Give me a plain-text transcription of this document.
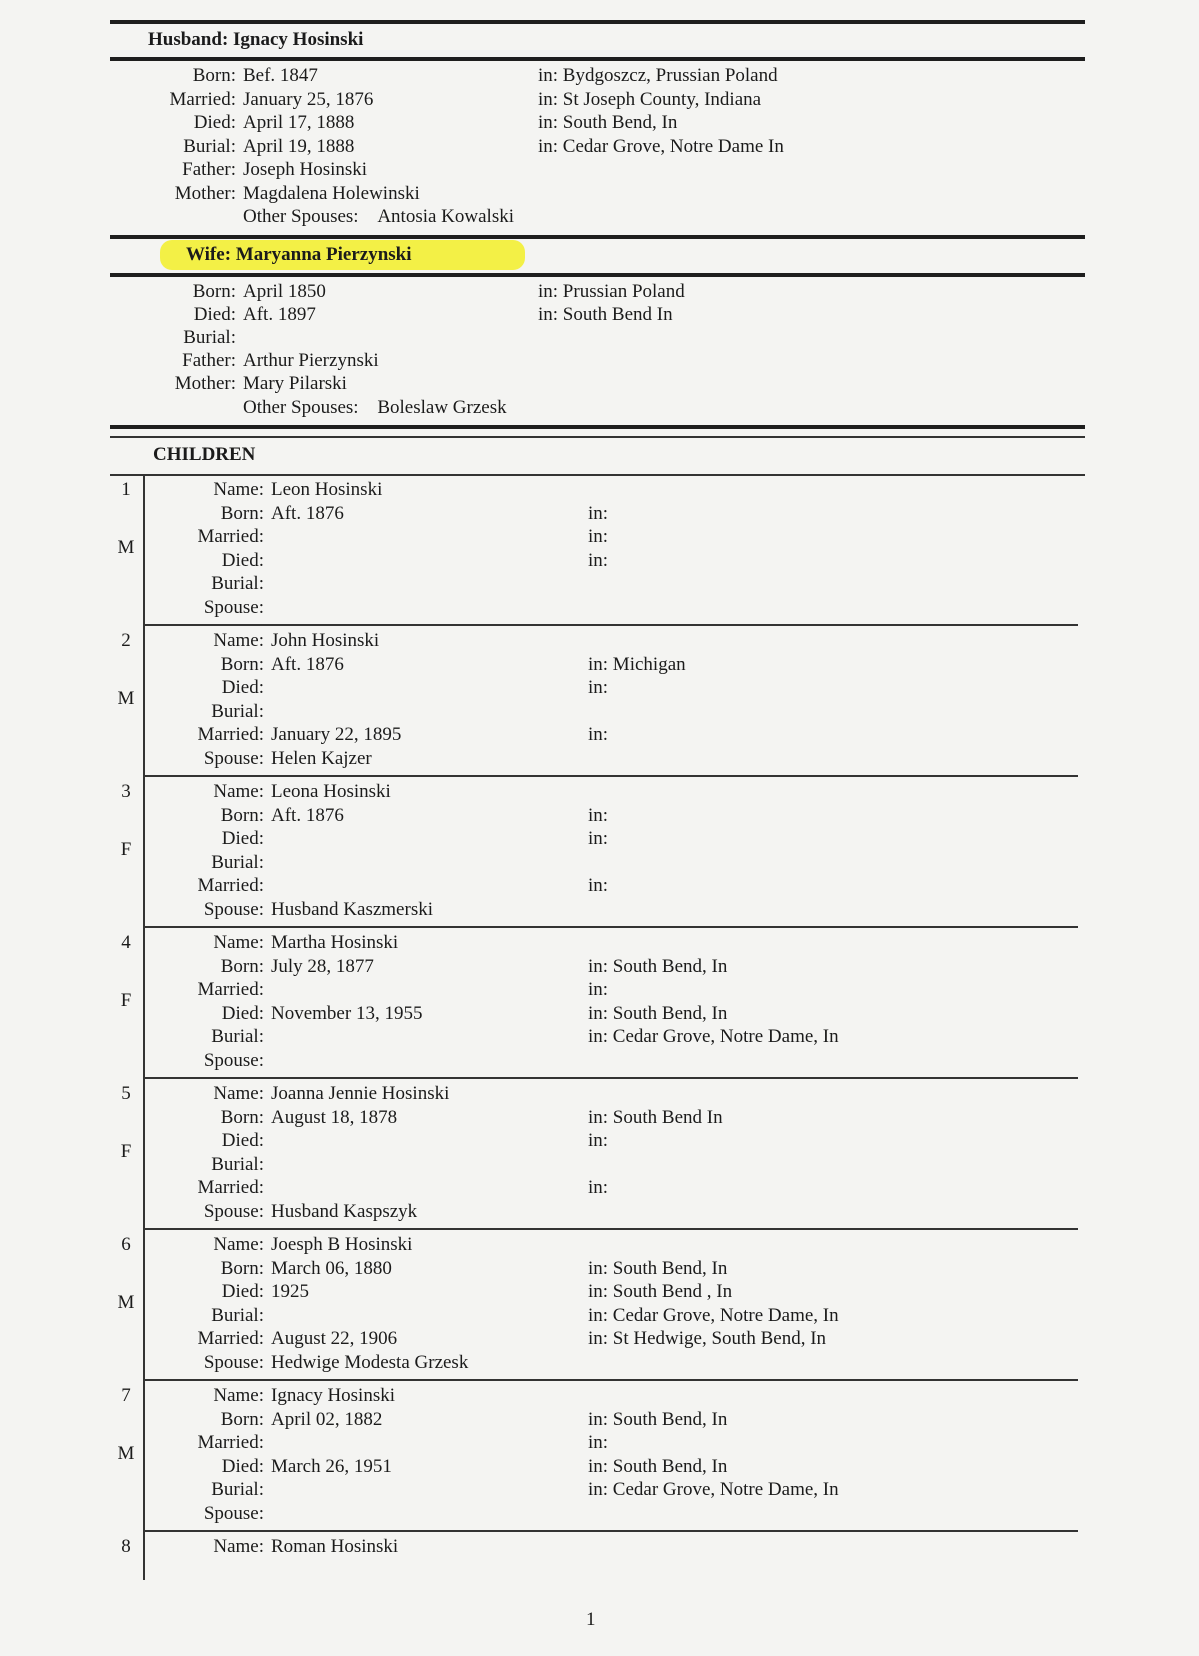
Husband: Ignacy Hosinski
Born: Bef. 1847	in: Bydgoszcz, Prussian Poland
Married: January 25, 1876	in: St Joseph County, Indiana
Died: April 17, 1888	in: South Bend, In
Burial: April 19, 1888	in: Cedar Grove, Notre Dame In
Father: Joseph Hosinski
Mother: Magdalena Holewinski
Other Spouses: Antosia Kowalski
Wife: Maryanna Pierzynski
Born: April 1850	in: Prussian Poland
Died: Aft. 1897	in: South Bend In
Burial:
Father: Arthur Pierzynski
Mother: Mary Pilarski
Other Spouses: Boleslaw Grzesk
CHILDREN
1
M
Name: Leon Hosinski
Born: Aft. 1876	in:
Married:	in:
Died:	in:
Burial:
Spouse:
2
M
Name: John Hosinski
Born: Aft. 1876	in: Michigan
Died:	in:
Burial:
Married: January 22, 1895	in:
Spouse: Helen Kajzer
3
F
Name: Leona Hosinski
Born: Aft. 1876	in:
Died:	in:
Burial:
Married:	in:
Spouse: Husband Kaszmerski
4
F
Name: Martha Hosinski
Born: July 28, 1877	in: South Bend, In
Married:	in:
Died: November 13, 1955	in: South Bend, In
Burial:	in: Cedar Grove, Notre Dame, In
Spouse:
5
F
Name: Joanna Jennie Hosinski
Born: August 18, 1878	in: South Bend In
Died:	in:
Burial:
Married:	in:
Spouse: Husband Kaspszyk
6
M
Name: Joesph B Hosinski
Born: March 06, 1880	in: South Bend, In
Died: 1925	in: South Bend , In
Burial:	in: Cedar Grove, Notre Dame, In
Married: August 22, 1906	in: St Hedwige, South Bend, In
Spouse: Hedwige Modesta Grzesk
7
M
Name: Ignacy Hosinski
Born: April 02, 1882	in: South Bend, In
Married:	in:
Died: March 26, 1951	in: South Bend, In
Burial:	in: Cedar Grove, Notre Dame, In
Spouse:
8	Name: Roman Hosinski
1
